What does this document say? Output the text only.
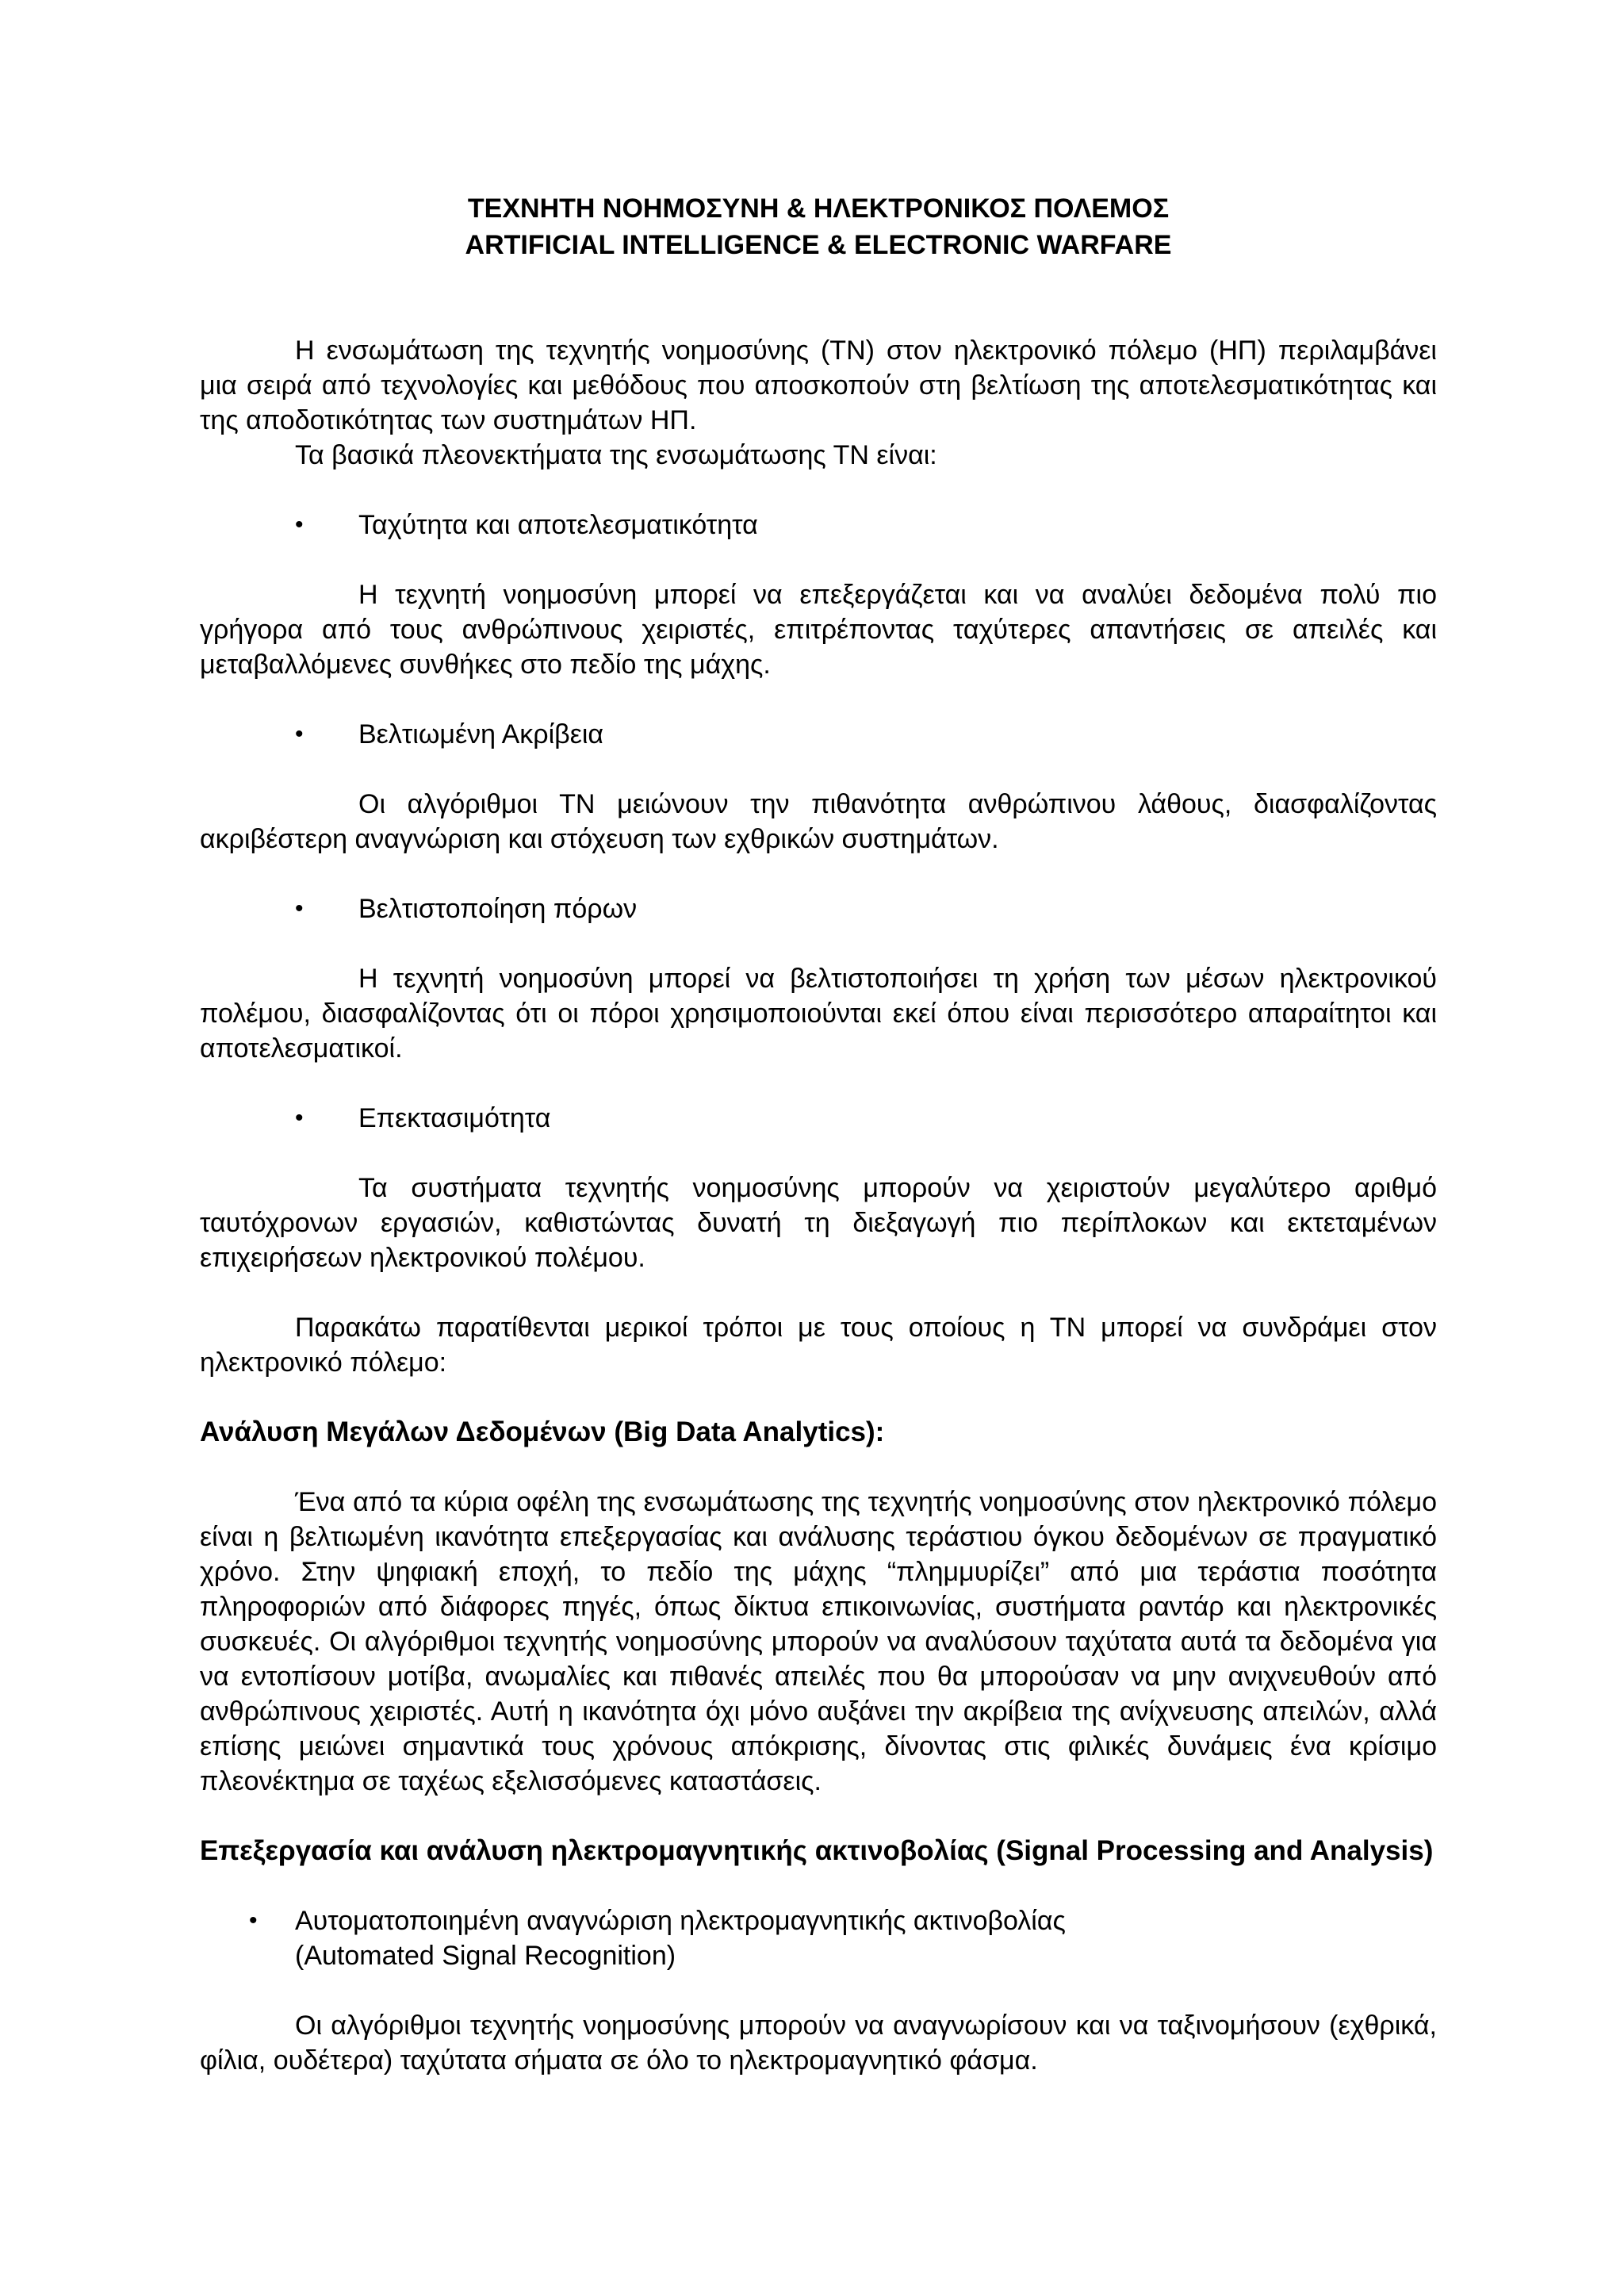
ΤΕΧΝΗΤΗ ΝΟΗΜΟΣΥΝΗ & ΗΛΕΚΤΡΟΝΙΚΟΣ ΠΟΛΕΜΟΣ

ARTIFICIAL INTELLIGENCE & ELECTRONIC WARFARE

Η ενσωμάτωση της τεχνητής νοημοσύνης (ΤΝ) στον ηλεκτρονικό πόλεμο (ΗΠ) περιλαμβάνει μια σειρά από τεχνολογίες και μεθόδους που αποσκοπούν στη βελτίωση της αποτελεσματικότητας και της αποδοτικότητας των συστημάτων ΗΠ.

Τα βασικά πλεονεκτήματα της ενσωμάτωσης ΤΝ είναι:

• Ταχύτητα και αποτελεσματικότητα

Η τεχνητή νοημοσύνη μπορεί να επεξεργάζεται και να αναλύει δεδομένα πολύ πιο γρήγορα από τους ανθρώπινους χειριστές, επιτρέποντας ταχύτερες απαντήσεις σε απειλές και μεταβαλλόμενες συνθήκες στο πεδίο της μάχης.

• Βελτιωμένη Ακρίβεια

Οι αλγόριθμοι ΤΝ μειώνουν την πιθανότητα ανθρώπινου λάθους, διασφαλίζοντας ακριβέστερη αναγνώριση και στόχευση των εχθρικών συστημάτων.

• Βελτιστοποίηση πόρων

Η τεχνητή νοημοσύνη μπορεί να βελτιστοποιήσει τη χρήση των μέσων ηλεκτρονικού πολέμου, διασφαλίζοντας ότι οι πόροι χρησιμοποιούνται εκεί όπου είναι περισσότερο απαραίτητοι και αποτελεσματικοί.

• Επεκτασιμότητα

Τα συστήματα τεχνητής νοημοσύνης μπορούν να χειριστούν μεγαλύτερο αριθμό ταυτόχρονων εργασιών, καθιστώντας δυνατή τη διεξαγωγή πιο περίπλοκων και εκτεταμένων επιχειρήσεων ηλεκτρονικού πολέμου.

Παρακάτω παρατίθενται μερικοί τρόποι με τους οποίους η ΤΝ μπορεί να συνδράμει στον ηλεκτρονικό πόλεμο:

Ανάλυση Μεγάλων Δεδομένων (Big Data Analytics):

Ένα από τα κύρια οφέλη της ενσωμάτωσης της τεχνητής νοημοσύνης στον ηλεκτρονικό πόλεμο είναι η βελτιωμένη ικανότητα επεξεργασίας και ανάλυσης τεράστιου όγκου δεδομένων σε πραγματικό χρόνο. Στην ψηφιακή εποχή, το πεδίο της μάχης “πλημμυρίζει” από μια τεράστια ποσότητα πληροφοριών από διάφορες πηγές, όπως δίκτυα επικοινωνίας, συστήματα ραντάρ και ηλεκτρονικές συσκευές. Οι αλγόριθμοι τεχνητής νοημοσύνης μπορούν να αναλύσουν ταχύτατα αυτά τα δεδομένα για να εντοπίσουν μοτίβα, ανωμαλίες και πιθανές απειλές που θα μπορούσαν να μην ανιχνευθούν από ανθρώπινους χειριστές. Αυτή η ικανότητα όχι μόνο αυξάνει την ακρίβεια της ανίχνευσης απειλών, αλλά επίσης μειώνει σημαντικά τους χρόνους απόκρισης, δίνοντας στις φιλικές δυνάμεις ένα κρίσιμο πλεονέκτημα σε ταχέως εξελισσόμενες καταστάσεις.

Επεξεργασία και ανάλυση ηλεκτρομαγνητικής ακτινοβολίας (Signal Processing and Analysis)

• Αυτοματοποιημένη αναγνώριση ηλεκτρομαγνητικής ακτινοβολίας
(Automated Signal Recognition)

Οι αλγόριθμοι τεχνητής νοημοσύνης μπορούν να αναγνωρίσουν και να ταξινομήσουν (εχθρικά, φίλια, ουδέτερα) ταχύτατα σήματα σε όλο το ηλεκτρομαγνητικό φάσμα.
